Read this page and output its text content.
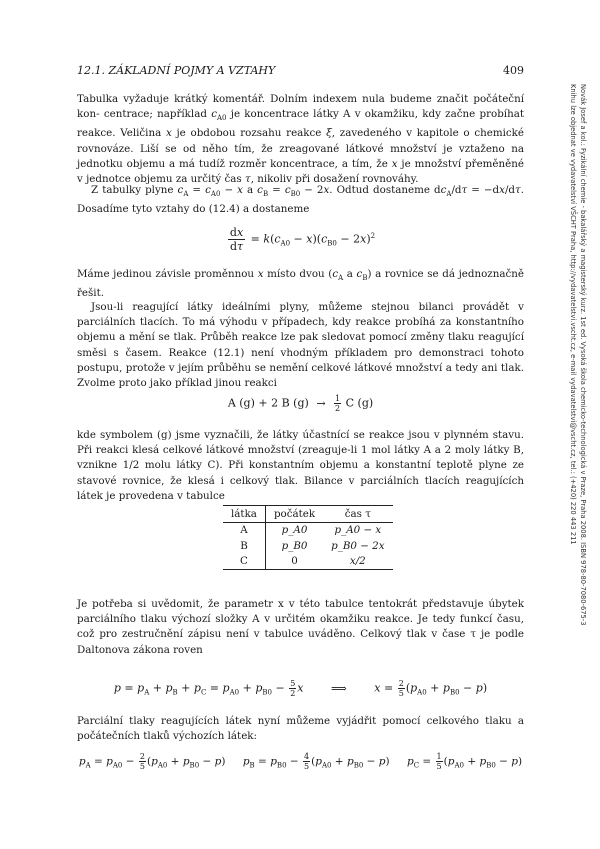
12.1. ZÁKLADNÍ POJMY A VZTAHY	409
Novák Josef a kol.: Fyzikální chemie - bakalářský a magisterský kurz. 1st ed. Vysoká škola chemicko-technologická v Praze, Praha 2008. ISBN 978-80-7080-675-3
Knihu lze objednat ve vydavatelství VŠCHT Praha, http://vydavatelstvi.vscht.cz, e-mail vydavatelstvi@vscht.cz, tel.: (+420) 220 443 211

Tabulka vyžaduje krátký komentář. Dolním indexem nula budeme značit počáteční kon- centrace; například $c_{A0}$ je koncentrace látky A v okamžiku, kdy začne probíhat reakce. Veličina x je obdobou rozsahu reakce ξ, zavedeného v kapitole o chemické rovnováze. Liší se od něho tím, že zreagované látkové množství je vztaženo na jednotku objemu a má tudíž rozměr koncentrace, a tím, že x je množství přeměněné v jednotce objemu za určitý čas τ, nikoliv při dosažení rovnováhy.

Z tabulky plyne $c_A = c_{A0} - x$ a $c_B = c_{B0} - 2x$. Odtud dostaneme $dc_A/d\tau = -dx/d\tau$. Dosadíme tyto vztahy do (12.4) a dostaneme

$\frac{dx}{d\tau} = k(c_{A0} - x)(c_{B0} - 2x)^2$

Máme jedinou závisle proměnnou x místo dvou ($c_A$ a $c_B$) a rovnice se dá jednoznačně řešit.

Jsou-li reagující látky ideálními plyny, můžeme stejnou bilanci provádět v parciálních tlacích. To má výhodu v případech, kdy reakce probíhá za konstantního objemu a mění se tlak. Průběh reakce lze pak sledovat pomocí změny tlaku reagující směsi s časem. Reakce (12.1) není vhodným příkladem pro demonstraci tohoto postupu, protože v jejím průběhu se nemění celkové látkové množství a tedy ani tlak. Zvolme proto jako příklad jinou reakci

A (g) + 2 B $(g) \to \frac{1}{2}$ C (g)

kde symbolem (g) jsme vyznačili, že látky účastnící se reakce jsou v plynném stavu. Při reakci klesá celkové látkové množství (zreaguje-li 1 mol látky A a 2 moly látky B, vznikne 1/2 molu látky C). Při konstantním objemu a konstantní teplotě plyne ze stavové rovnice, že klesá i celkový tlak. Bilance v parciálních tlacích reagujících látek je provedena v tabulce

látka	počátek	čas τ
A	p_A0	p_A0 − x
B	p_B0	p_B0 − 2x
C	0	x/2

Je potřeba si uvědomit, že parametr x v této tabulce tentokrát představuje úbytek parciálního tlaku výchozí složky A v určitém okamžiku reakce. Je tedy funkcí času, což pro zestručnění zápisu není v tabulce uváděno. Celkový tlak v čase τ je podle Daltonova zákona roven

$p = p_A + p_B + p_C = p_{A0} + p_{B0} - \frac{5}{2}$ x	⟹	$x = \frac{2}{5} (p_{A0} + p_{B0} - p)$

Parciální tlaky reagujících látek nyní můžeme vyjádřit pomocí celkového tlaku a počátečních tlaků výchozích látek:

$p_A = p_{A0} - \frac{2}{5} (p_{A0} + p_{B0} - p) p_B = p_{B0} - \frac{4}{5} (p_{A0} + p_{B0} - p) p_C = \frac{1}{5} (p_{A0} + p_{B0} - p)$
